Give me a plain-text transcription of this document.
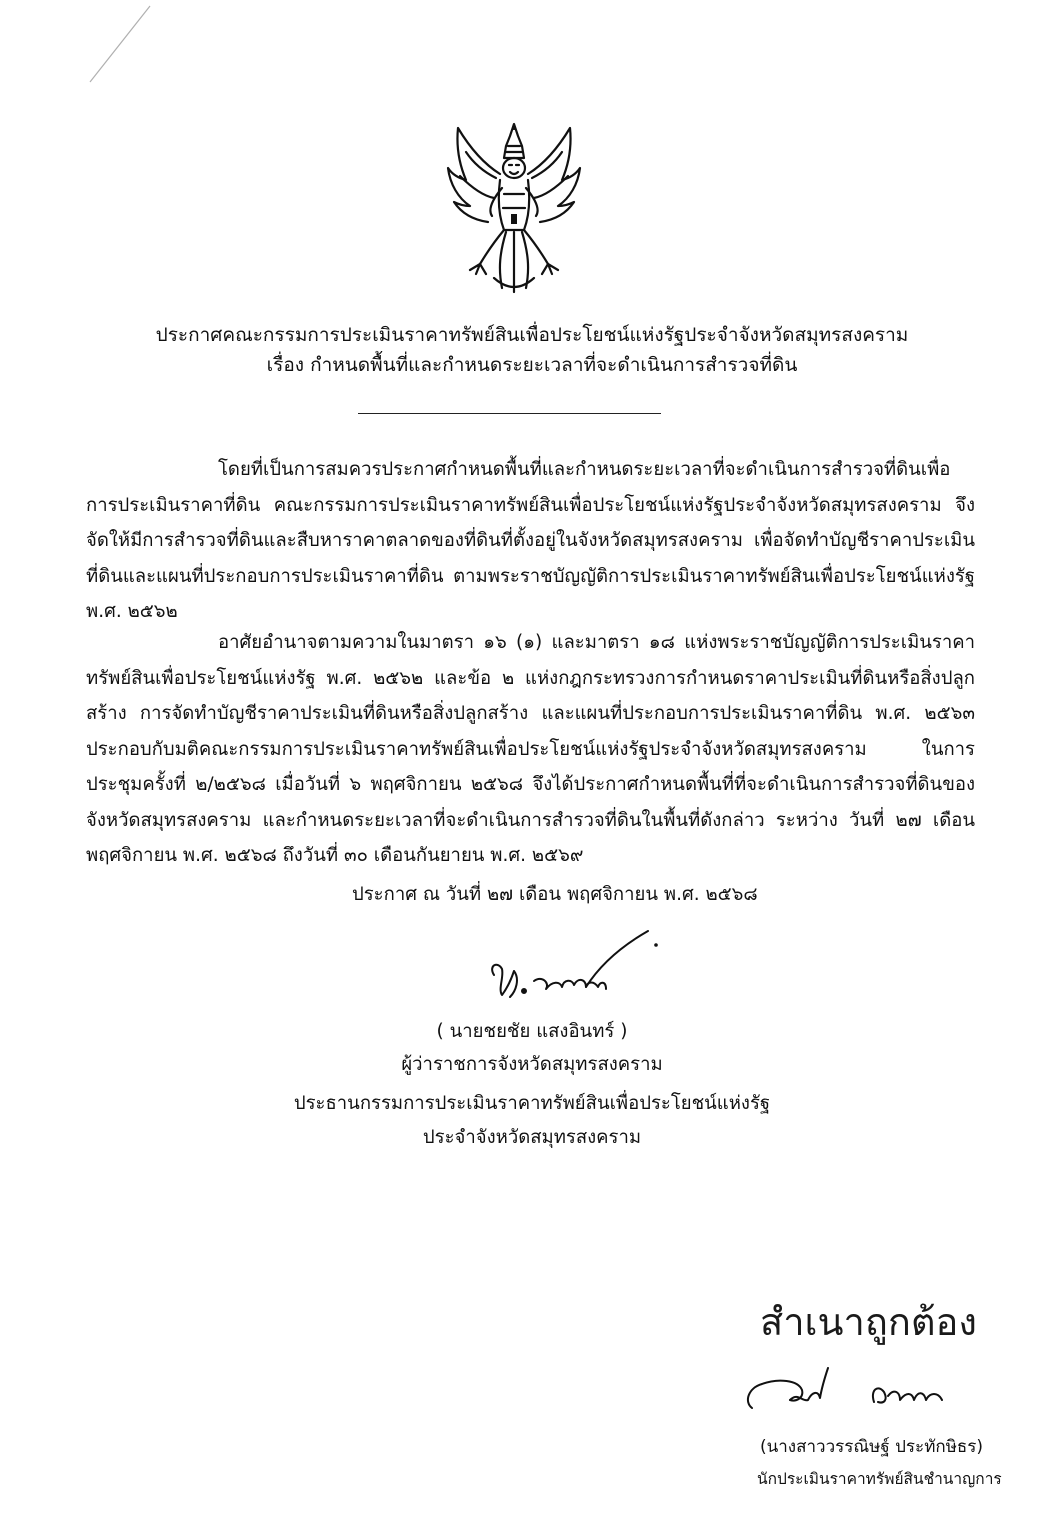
ประกาศคณะกรรมการประเมินราคาทรัพย์สินเพื่อประโยชน์แห่งรัฐประจำจังหวัดสมุทรสงคราม
เรื่อง กำหนดพื้นที่และกำหนดระยะเวลาที่จะดำเนินการสำรวจที่ดิน

โดยที่เป็นการสมควรประกาศกำหนดพื้นที่และกำหนดระยะเวลาที่จะดำเนินการสำรวจที่ดินเพื่อการประเมินราคาที่ดิน คณะกรรมการประเมินราคาทรัพย์สินเพื่อประโยชน์แห่งรัฐประจำจังหวัดสมุทรสงคราม จึงจัดให้มีการสำรวจที่ดินและสืบหาราคาตลาดของที่ดินที่ตั้งอยู่ในจังหวัดสมุทรสงคราม เพื่อจัดทำบัญชีราคาประเมินที่ดินและแผนที่ประกอบการประเมินราคาที่ดิน ตามพระราชบัญญัติการประเมินราคาทรัพย์สินเพื่อประโยชน์แห่งรัฐ พ.ศ. ๒๕๖๒

อาศัยอำนาจตามความในมาตรา ๑๖ (๑) และมาตรา ๑๘ แห่งพระราชบัญญัติการประเมินราคาทรัพย์สินเพื่อประโยชน์แห่งรัฐ พ.ศ. ๒๕๖๒ และข้อ ๒ แห่งกฎกระทรวงการกำหนดราคาประเมินที่ดินหรือสิ่งปลูกสร้าง การจัดทำบัญชีราคาประเมินที่ดินหรือสิ่งปลูกสร้าง และแผนที่ประกอบการประเมินราคาที่ดิน พ.ศ. ๒๕๖๓ ประกอบกับมติคณะกรรมการประเมินราคาทรัพย์สินเพื่อประโยชน์แห่งรัฐประจำจังหวัดสมุทรสงคราม ในการประชุมครั้งที่ ๒/๒๕๖๘ เมื่อวันที่ ๖ พฤศจิกายน ๒๕๖๘ จึงได้ประกาศกำหนดพื้นที่ที่จะดำเนินการสำรวจที่ดินของจังหวัดสมุทรสงคราม และกำหนดระยะเวลาที่จะดำเนินการสำรวจที่ดินในพื้นที่ดังกล่าว ระหว่าง วันที่ ๒๗ เดือน พฤศจิกายน พ.ศ. ๒๕๖๘ ถึงวันที่ ๓๐ เดือนกันยายน พ.ศ. ๒๕๖๙

ประกาศ ณ วันที่ ๒๗ เดือน พฤศจิกายน พ.ศ. ๒๕๖๘
( นายชยชัย แสงอินทร์ )
ผู้ว่าราชการจังหวัดสมุทรสงคราม
ประธานกรรมการประเมินราคาทรัพย์สินเพื่อประโยชน์แห่งรัฐ
ประจำจังหวัดสมุทรสงคราม
สำเนาถูกต้อง
(นางสาววรรณิษฐ์ ประทักษิธร)
นักประเมินราคาทรัพย์สินชำนาญการ
